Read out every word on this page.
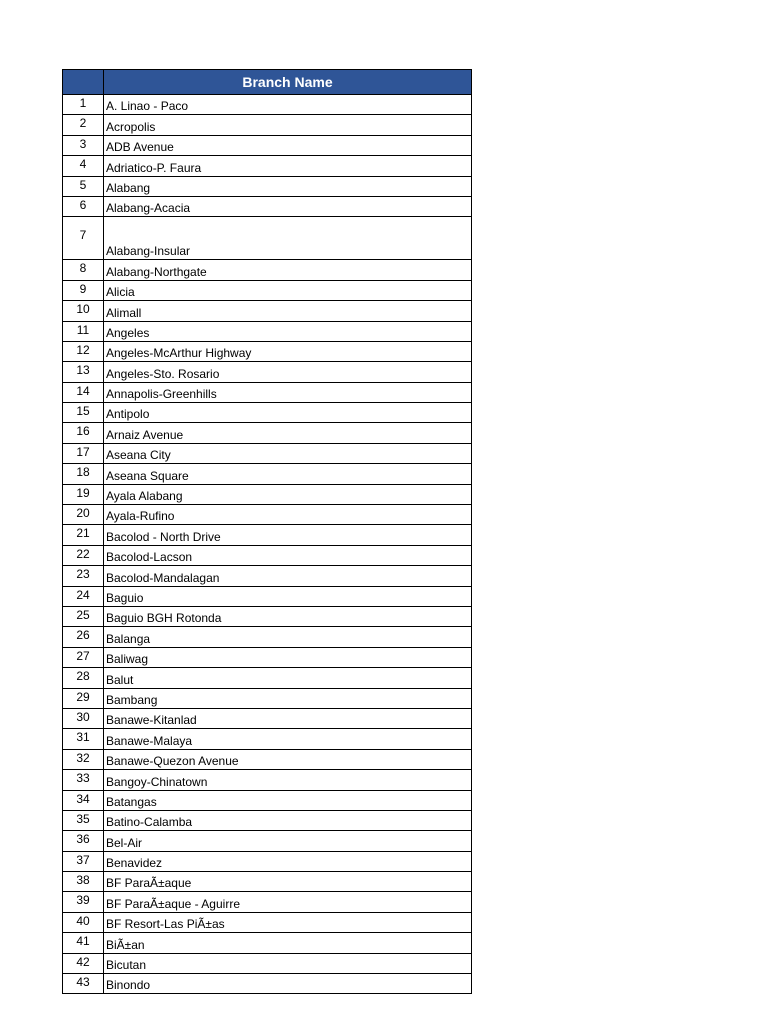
	Branch Name
1	A. Linao - Paco
2	Acropolis
3	ADB Avenue
4	Adriatico-P. Faura
5	Alabang
6	Alabang-Acacia
7	Alabang-Insular
8	Alabang-Northgate
9	Alicia
10	Alimall
11	Angeles
12	Angeles-McArthur Highway
13	Angeles-Sto. Rosario
14	Annapolis-Greenhills
15	Antipolo
16	Arnaiz Avenue
17	Aseana City
18	Aseana Square
19	Ayala Alabang
20	Ayala-Rufino
21	Bacolod - North Drive
22	Bacolod-Lacson
23	Bacolod-Mandalagan
24	Baguio
25	Baguio BGH Rotonda
26	Balanga
27	Baliwag
28	Balut
29	Bambang
30	Banawe-Kitanlad
31	Banawe-Malaya
32	Banawe-Quezon Avenue
33	Bangoy-Chinatown
34	Batangas
35	Batino-Calamba
36	Bel-Air
37	Benavidez
38	BF ParaÃ±aque
39	BF ParaÃ±aque - Aguirre
40	BF Resort-Las PiÃ±as
41	BiÃ±an
42	Bicutan
43	Binondo
